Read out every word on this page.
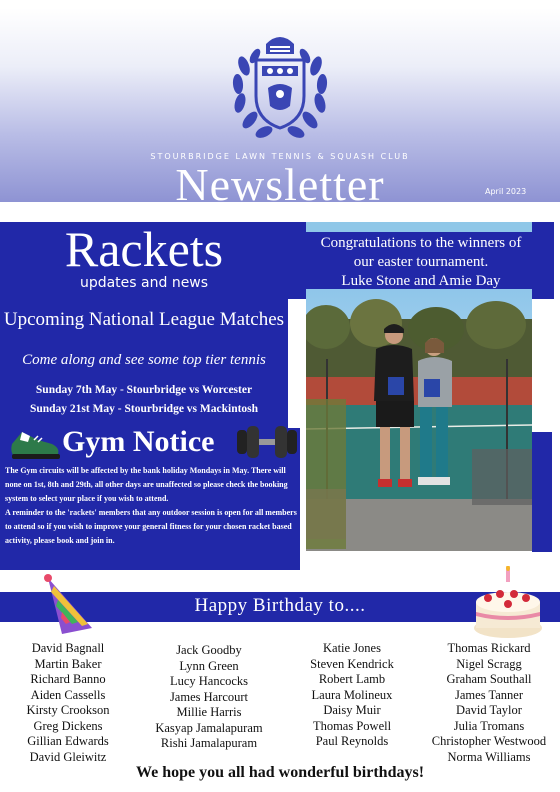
STOURBRIDGE LAWN TENNIS & SQUASH CLUB
Newsletter	April 2023
Rackets
updates and news
Upcoming National League Matches
Come along and see some top tier tennis
Sunday 7th May - Stourbridge vs Worcester
Sunday 21st May - Stourbridge vs Mackintosh
Congratulations to the winners of
our easter tournament.
Luke Stone and Amie Day
Gym Notice
The Gym circuits will be affected by the bank holiday Mondays in May. There will none on 1st, 8th and 29th, all other days are unaffected so please check the booking system to select your place if you wish to attend.
A reminder to the 'rackets' members that any outdoor session is open for all members to attend so if you wish to improve your general fitness for your chosen racket based activity, please book and join in.
Happy Birthday to....
David Bagnall
Martin Baker
Richard Banno
Aiden Cassells
Kirsty Crookson
Greg Dickens
Gillian Edwards
David Gleiwitz
Jack Goodby
Lynn Green
Lucy Hancocks
James Harcourt
Millie Harris
Kasyap Jamalapuram
Rishi Jamalapuram
Katie Jones
Steven Kendrick
Robert Lamb
Laura Molineux
Daisy Muir
Thomas Powell
Paul Reynolds
Thomas Rickard
Nigel Scragg
Graham Southall
James Tanner
David Taylor
Julia Tromans
Christopher Westwood
Norma Williams
We hope you all had wonderful birthdays!
